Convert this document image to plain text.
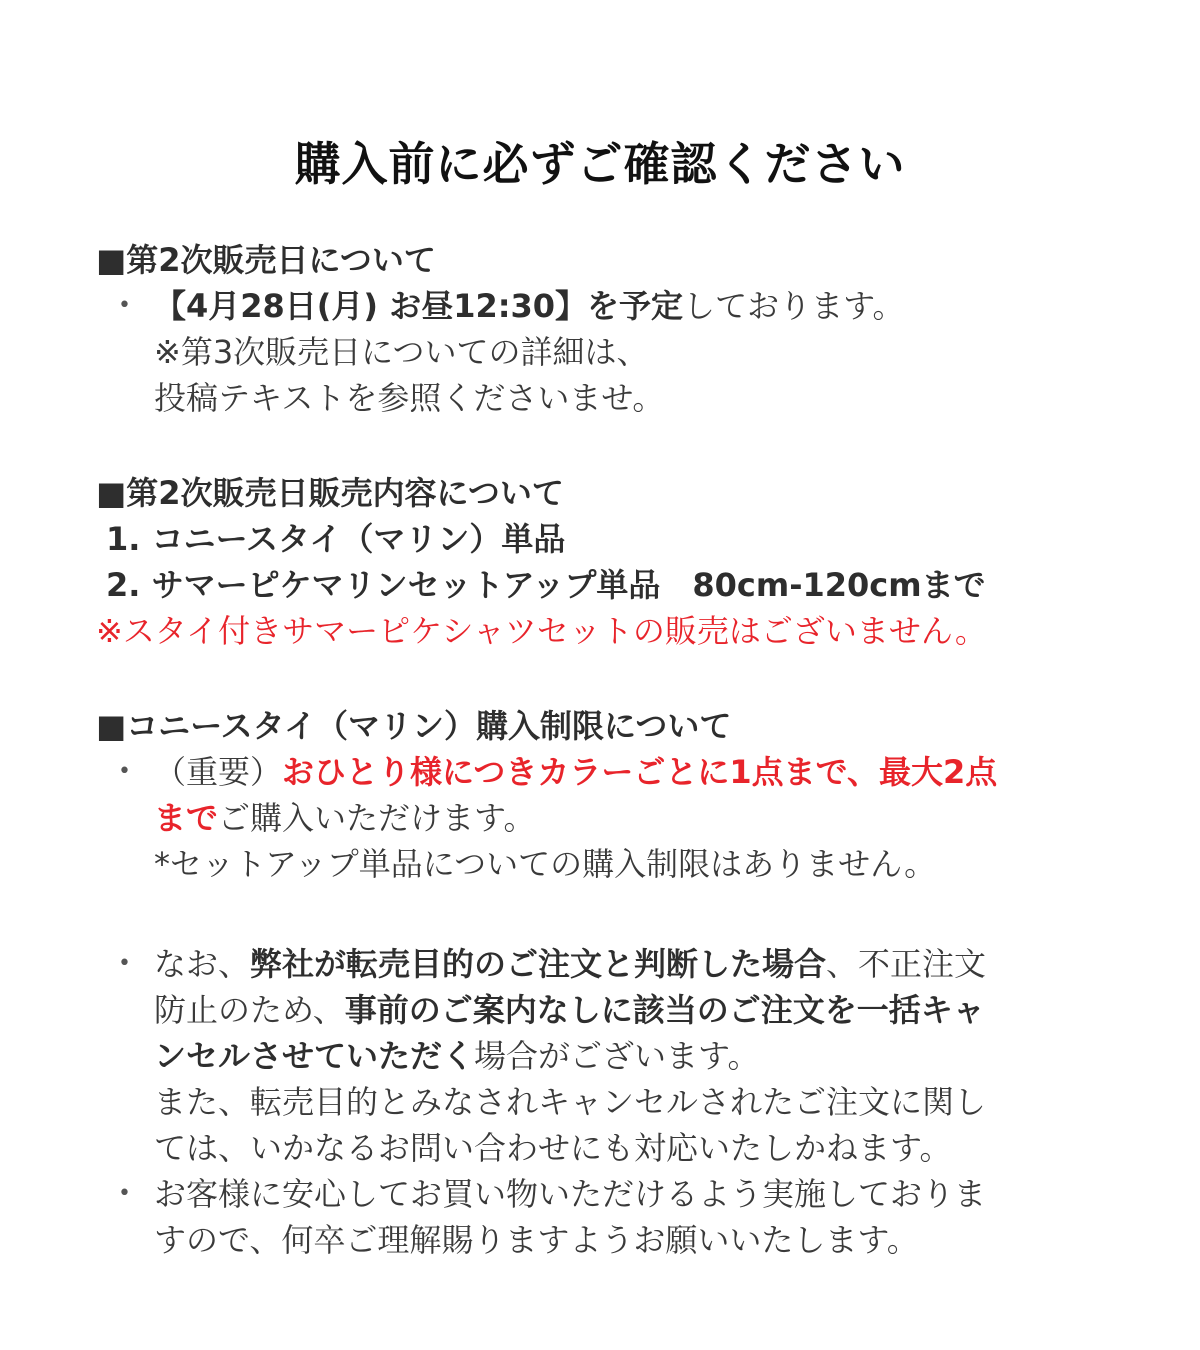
購入前に必ずご確認ください
■第2次販売日について
• 【4月28日(月) お昼12:30】を予定しております。
※第3次販売日についての詳細は、
投稿テキストを参照くださいませ。
■第2次販売日販売内容について
1. コニースタイ（マリン）単品
2. サマーピケマリンセットアップ単品　80cm-120cmまで
※スタイ付きサマーピケシャツセットの販売はございません。
■コニースタイ（マリン）購入制限について
• （重要）おひとり様につきカラーごとに1点まで、最大2点
までご購入いただけます。
*セットアップ単品についての購入制限はありません。
• なお、弊社が転売目的のご注文と判断した場合、不正注文
防止のため、事前のご案内なしに該当のご注文を一括キャ
ンセルさせていただく場合がございます。
また、転売目的とみなされキャンセルされたご注文に関し
ては、いかなるお問い合わせにも対応いたしかねます。
• お客様に安心してお買い物いただけるよう実施しておりま
すので、何卒ご理解賜りますようお願いいたします。
